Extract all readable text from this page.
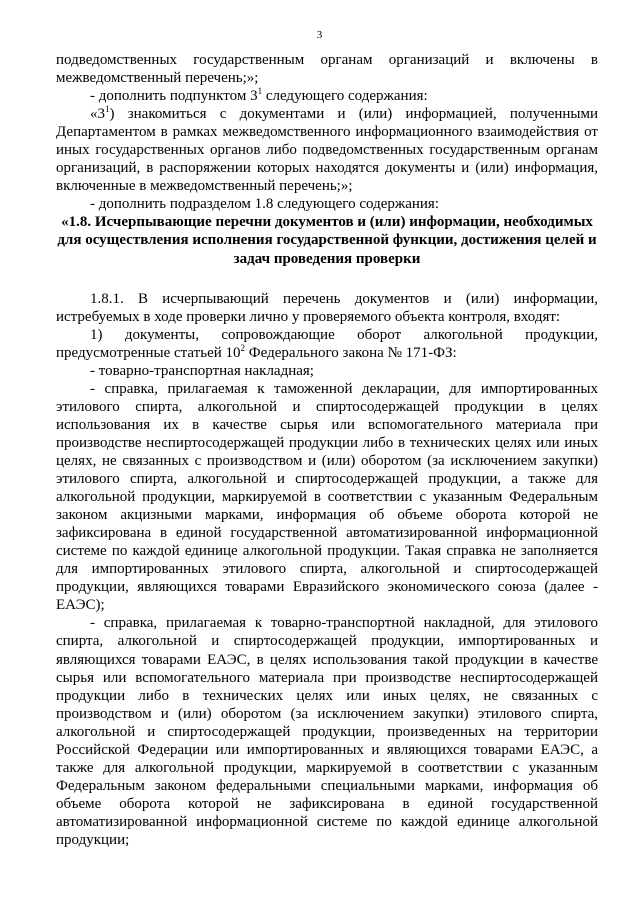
3

подведомственных государственным органам организаций и включены в межведомственный перечень;»;

- дополнить подпунктом $3^1$ следующего содержания:

«$3^1$) знакомиться с документами и (или) информацией, полученными Департаментом в рамках межведомственного информационного взаимодействия от иных государственных органов либо подведомственных государственным органам организаций, в распоряжении которых находятся документы и (или) информация, включенные в межведомственный перечень;»;

- дополнить подразделом 1.8 следующего содержания:

«1.8. Исчерпывающие перечни документов и (или) информации, необходимых для осуществления исполнения государственной функции, достижения целей и задач проведения проверки

1.8.1. В исчерпывающий перечень документов и (или) информации, истребуемых в ходе проверки лично у проверяемого объекта контроля, входят:

1) документы, сопровождающие оборот алкогольной продукции, предусмотренные статьей $10^2$ Федерального закона № 171-ФЗ:

- товарно-транспортная накладная;

- справка, прилагаемая к таможенной декларации, для импортированных этилового спирта, алкогольной и спиртосодержащей продукции в целях использования их в качестве сырья или вспомогательного материала при производстве неспиртосодержащей продукции либо в технических целях или иных целях, не связанных с производством и (или) оборотом (за исключением закупки) этилового спирта, алкогольной и спиртосодержащей продукции, а также для алкогольной продукции, маркируемой в соответствии с указанным Федеральным законом акцизными марками, информация об объеме оборота которой не зафиксирована в единой государственной автоматизированной информационной системе по каждой единице алкогольной продукции. Такая справка не заполняется для импортированных этилового спирта, алкогольной и спиртосодержащей продукции, являющихся товарами Евразийского экономического союза (далее - ЕАЭС);

- справка, прилагаемая к товарно-транспортной накладной, для этилового спирта, алкогольной и спиртосодержащей продукции, импортированных и являющихся товарами ЕАЭС, в целях использования такой продукции в качестве сырья или вспомогательного материала при производстве неспиртосодержащей продукции либо в технических целях или иных целях, не связанных с производством и (или) оборотом (за исключением закупки) этилового спирта, алкогольной и спиртосодержащей продукции, произведенных на территории Российской Федерации или импортированных и являющихся товарами ЕАЭС, а также для алкогольной продукции, маркируемой в соответствии с указанным Федеральным законом федеральными специальными марками, информация об объеме оборота которой не зафиксирована в единой государственной автоматизированной информационной системе по каждой единице алкогольной продукции;
